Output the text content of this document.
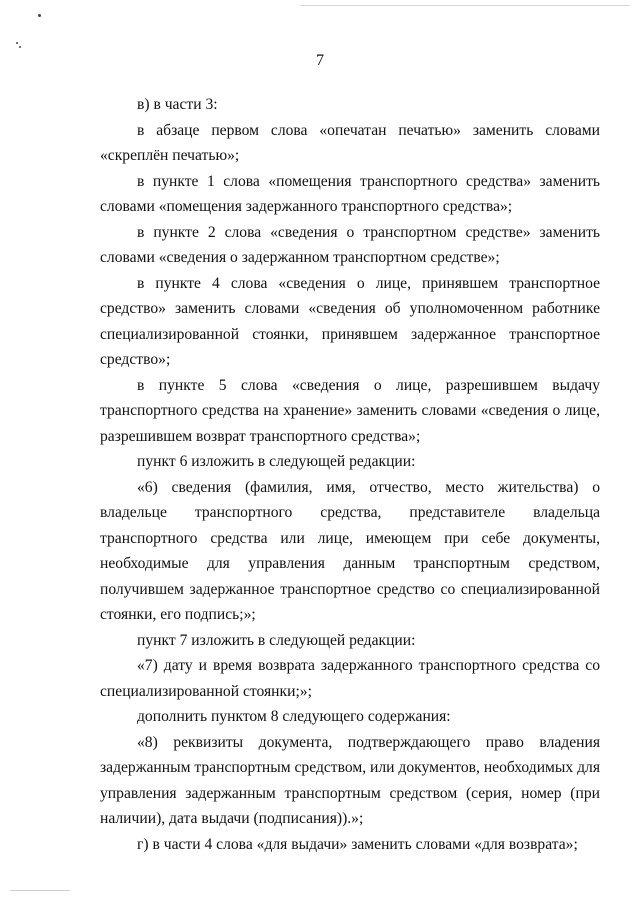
7

в) в части 3:

в абзаце первом слова «опечатан печатью» заменить словами «скреплён печатью»;

в пункте 1 слова «помещения транспортного средства» заменить словами «помещения задержанного транспортного средства»;

в пункте 2 слова «сведения о транспортном средстве» заменить словами «сведения о задержанном транспортном средстве»;

в пункте 4 слова «сведения о лице, принявшем транспортное средство» заменить словами «сведения об уполномоченном работнике специализированной стоянки, принявшем задержанное транспортное средство»;

в пункте 5 слова «сведения о лице, разрешившем выдачу транспортного средства на хранение» заменить словами «сведения о лице, разрешившем возврат транспортного средства»;

пункт 6 изложить в следующей редакции:

«6) сведения (фамилия, имя, отчество, место жительства) о владельце транспортного средства, представителе владельца транспортного средства или лице, имеющем при себе документы, необходимые для управления данным транспортным средством, получившем задержанное транспортное средство со специализированной стоянки, его подпись;»;

пункт 7 изложить в следующей редакции:

«7) дату и время возврата задержанного транспортного средства со специализированной стоянки;»;

дополнить пунктом 8 следующего содержания:

«8) реквизиты документа, подтверждающего право владения задержанным транспортным средством, или документов, необходимых для управления задержанным транспортным средством (серия, номер (при наличии), дата выдачи (подписания)).»;

г) в части 4 слова «для выдачи» заменить словами «для возврата»;
